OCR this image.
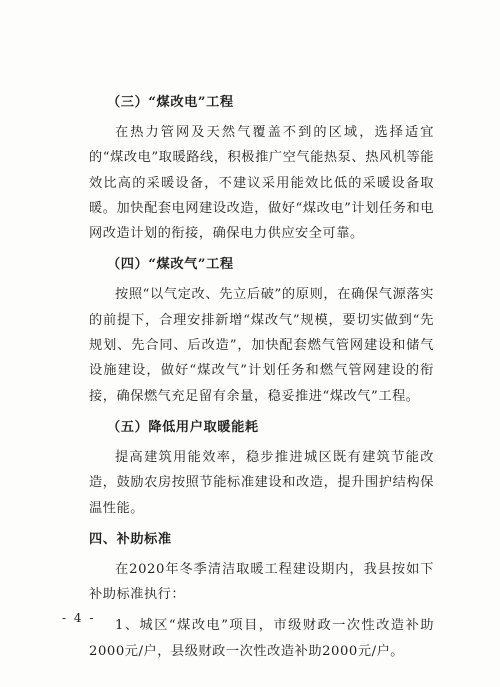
（三）“煤改电”工程

在热力管网及天然气覆盖不到的区域，选择适宜的“煤改电”取暖路线，积极推广空气能热泵、热风机等能效比高的采暖设备，不建议采用能效比低的采暖设备取暖。加快配套电网建设改造，做好“煤改电”计划任务和电网改造计划的衔接，确保电力供应安全可靠。

（四）“煤改气”工程

按照“以气定改、先立后破”的原则，在确保气源落实的前提下，合理安排新增“煤改气”规模，要切实做到“先规划、先合同、后改造”，加快配套燃气管网建设和储气设施建设，做好“煤改气”计划任务和燃气管网建设的衔接，确保燃气充足留有余量，稳妥推进“煤改气”工程。

（五）降低用户取暖能耗

提高建筑用能效率，稳步推进城区既有建筑节能改造，鼓励农房按照节能标准建设和改造，提升围护结构保温性能。

四、补助标准

在2020年冬季清洁取暖工程建设期内，我县按如下补助标准执行：

1、城区“煤改电”项目，市级财政一次性改造补助2000元/户，县级财政一次性改造补助2000元/户。

- 4 -
